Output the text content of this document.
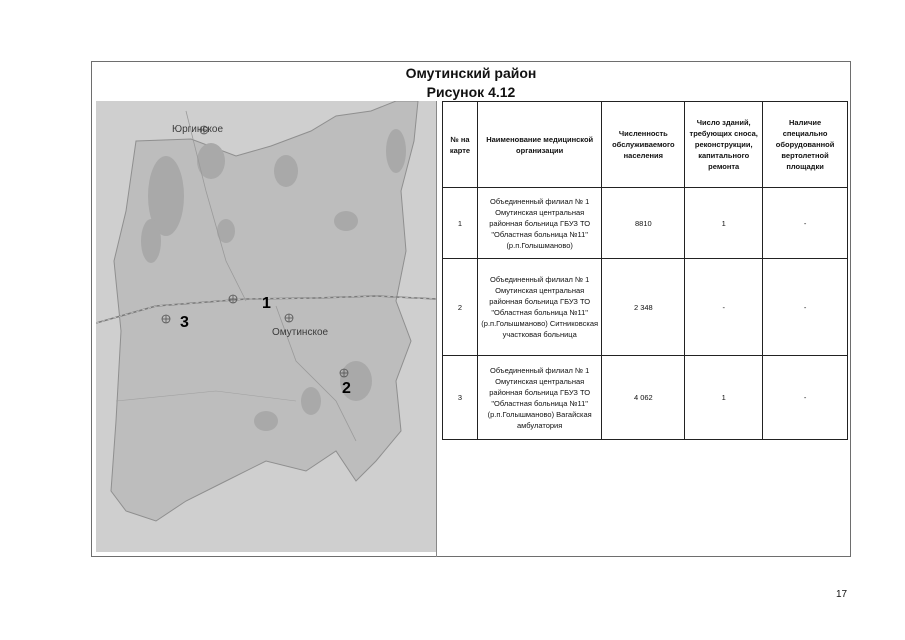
Омутинский район
Рисунок 4.12
Юргинское
Омутинское
1
2
3
№ на карте	Наименование медицинской организации	Численность обслуживаемого населения	Число зданий, требующих сноса, реконструкции, капитального ремонта	Наличие специально оборудованной вертолетной площадки
1	Объединенный филиал № 1 Омутинская центральная районная больница ГБУЗ ТО "Областная больница №11" (р.п.Голышманово)	8810	1	-
2	Объединенный филиал № 1 Омутинская центральная районная больница ГБУЗ ТО "Областная больница №11" (р.п.Голышманово) Ситниковская участковая больница	2 348	-	-
3	Объединенный филиал № 1 Омутинская центральная районная больница ГБУЗ ТО "Областная больница №11" (р.п.Голышманово) Вагайская амбулатория	4 062	1	-
17
